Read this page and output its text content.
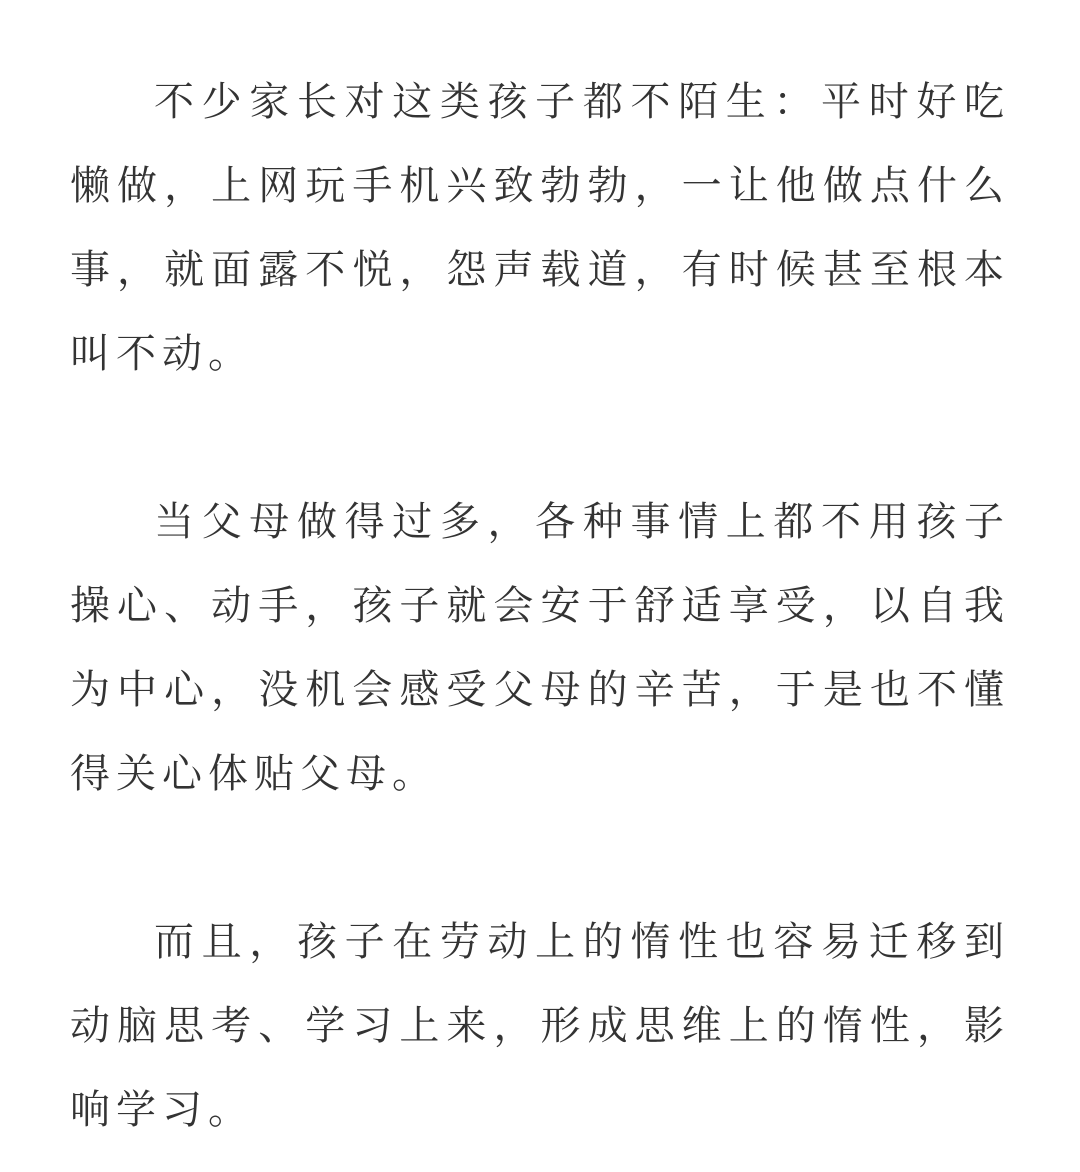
不少家长对这类孩子都不陌生：平时好吃懒做，上网玩手机兴致勃勃，一让他做点什么事，就面露不悦，怨声载道，有时候甚至根本叫不动。

当父母做得过多，各种事情上都不用孩子操心、动手，孩子就会安于舒适享受，以自我为中心，没机会感受父母的辛苦，于是也不懂得关心体贴父母。

而且，孩子在劳动上的惰性也容易迁移到动脑思考、学习上来，形成思维上的惰性，影响学习。
